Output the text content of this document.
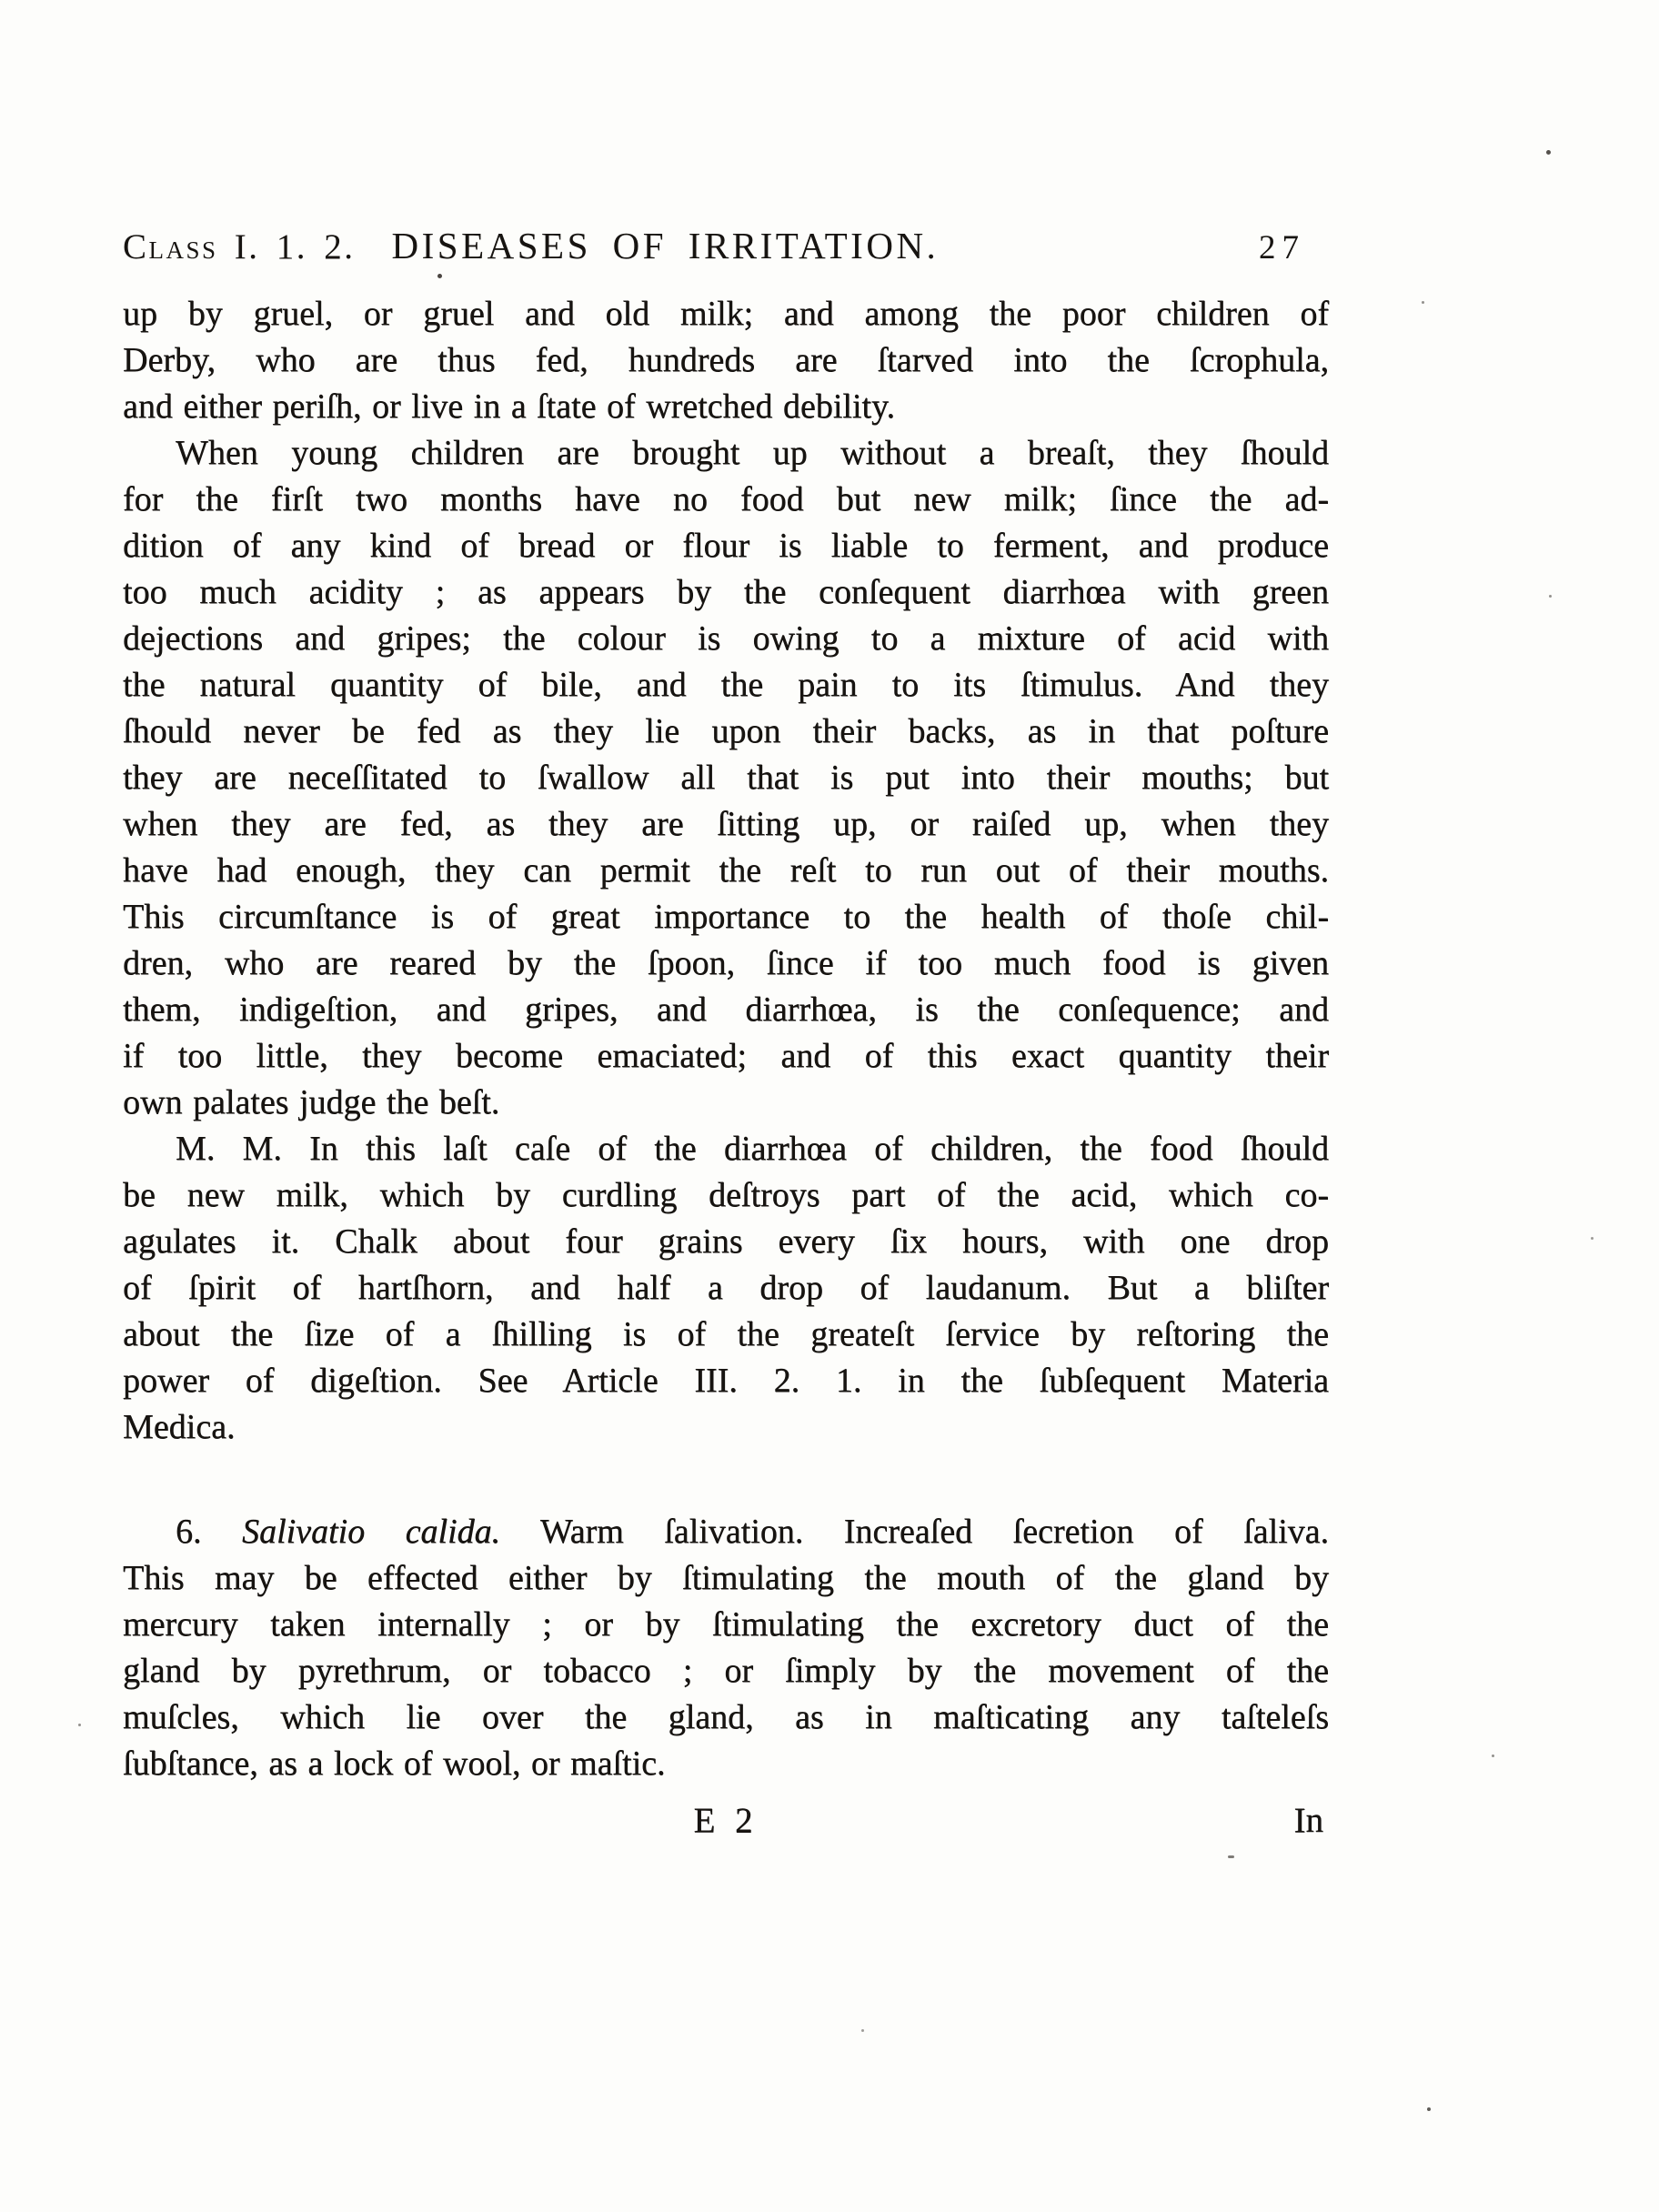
Class I. 1. 2. DISEASES OF IRRITATION.	27
up by gruel, or gruel and old milk; and among the poor children of
Derby, who are thus fed, hundreds are ſtarved into the ſcrophula,
and either periſh, or live in a ſtate of wretched debility.
When young children are brought up without a breaſt, they ſhould
for the firſt two months have no food but new milk; ſince the ad-
dition of any kind of bread or flour is liable to ferment, and produce
too much acidity ; as appears by the conſequent diarrhœa with green
dejections and gripes; the colour is owing to a mixture of acid with
the natural quantity of bile, and the pain to its ſtimulus. And they
ſhould never be fed as they lie upon their backs, as in that poſture
they are neceſſitated to ſwallow all that is put into their mouths; but
when they are fed, as they are ſitting up, or raiſed up, when they
have had enough, they can permit the reſt to run out of their mouths.
This circumſtance is of great importance to the health of thoſe chil-
dren, who are reared by the ſpoon, ſince if too much food is given
them, indigeſtion, and gripes, and diarrhœa, is the conſequence; and
if too little, they become emaciated; and of this exact quantity their
own palates judge the beſt.
M. M. In this laſt caſe of the diarrhœa of children, the food ſhould
be new milk, which by curdling deſtroys part of the acid, which co-
agulates it. Chalk about four grains every ſix hours, with one drop
of ſpirit of hartſhorn, and half a drop of laudanum. But a bliſter
about the ſize of a ſhilling is of the greateſt ſervice by reſtoring the
power of digeſtion. See Article III. 2. 1. in the ſubſequent Materia
Medica.
6. Salivatio calida. Warm ſalivation. Increaſed ſecretion of ſaliva.
This may be effected either by ſtimulating the mouth of the gland by
mercury taken internally ; or by ſtimulating the excretory duct of the
gland by pyrethrum, or tobacco ; or ſimply by the movement of the
muſcles, which lie over the gland, as in maſticating any taſteleſs
ſubſtance, as a lock of wool, or maſtic.
E 2	In
